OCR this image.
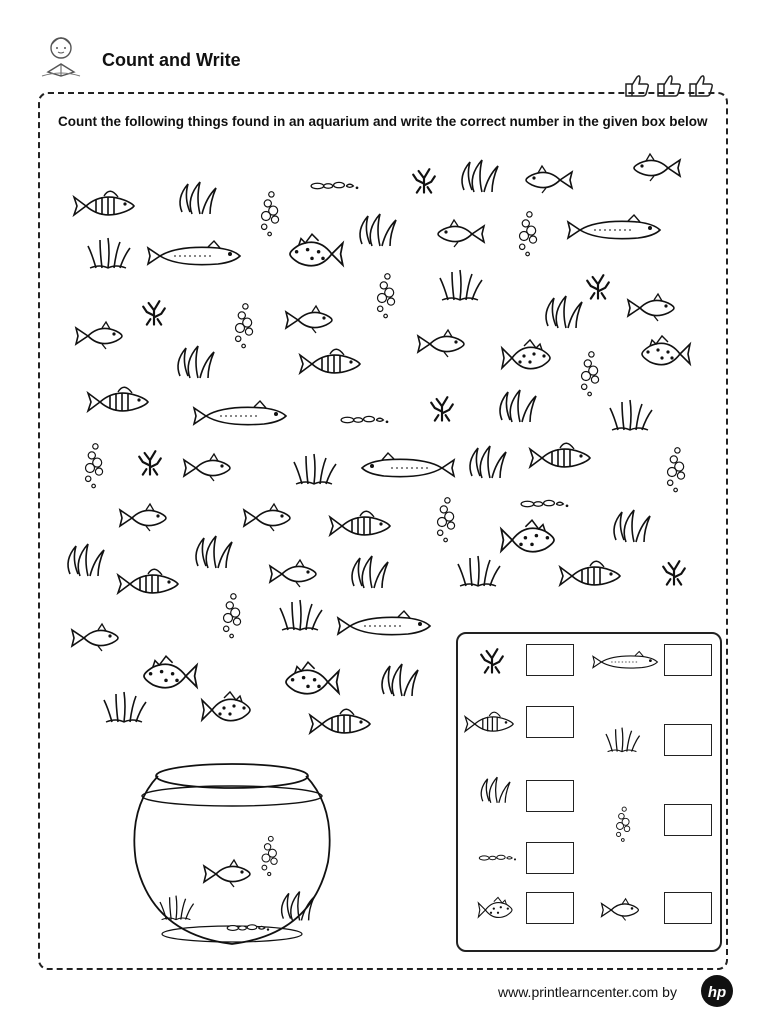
Count and Write

Count the following things found in an aquarium and write the correct number in the given box below

www.printlearncenter.com by hp
